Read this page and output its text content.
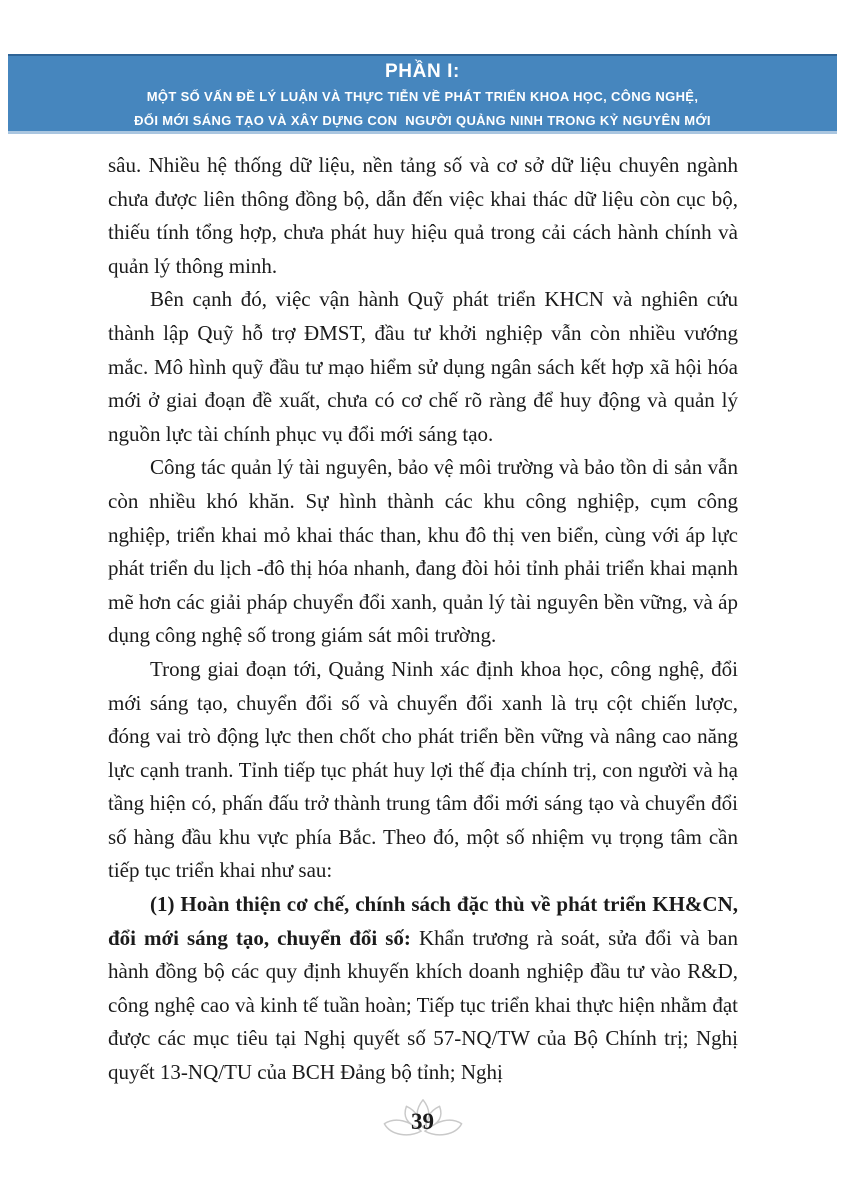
PHẦN I:
MỘT SỐ VẤN ĐỀ LÝ LUẬN VÀ THỰC TIỄN VỀ PHÁT TRIỂN KHOA HỌC, CÔNG NGHỆ,
ĐỔI MỚI SÁNG TẠO VÀ XÂY DỰNG CON  NGƯỜI QUẢNG NINH TRONG KỶ NGUYÊN MỚI

sâu. Nhiều hệ thống dữ liệu, nền tảng số và cơ sở dữ liệu chuyên ngành chưa được liên thông đồng bộ, dẫn đến việc khai thác dữ liệu còn cục bộ, thiếu tính tổng hợp, chưa phát huy hiệu quả trong cải cách hành chính và quản lý thông minh.

Bên cạnh đó, việc vận hành Quỹ phát triển KHCN và nghiên cứu thành lập Quỹ hỗ trợ ĐMST, đầu tư khởi nghiệp vẫn còn nhiều vướng mắc. Mô hình quỹ đầu tư mạo hiểm sử dụng ngân sách kết hợp xã hội hóa mới ở giai đoạn đề xuất, chưa có cơ chế rõ ràng để huy động và quản lý nguồn lực tài chính phục vụ đổi mới sáng tạo.

Công tác quản lý tài nguyên, bảo vệ môi trường và bảo tồn di sản vẫn còn nhiều khó khăn. Sự hình thành các khu công nghiệp, cụm công nghiệp, triển khai mỏ khai thác than, khu đô thị ven biển, cùng với áp lực phát triển du lịch -đô thị hóa nhanh, đang đòi hỏi tỉnh phải triển khai mạnh mẽ hơn các giải pháp chuyển đổi xanh, quản lý tài nguyên bền vững, và áp dụng công nghệ số trong giám sát môi trường.

Trong giai đoạn tới, Quảng Ninh xác định khoa học, công nghệ, đổi mới sáng tạo, chuyển đổi số và chuyển đổi xanh là trụ cột chiến lược, đóng vai trò động lực then chốt cho phát triển bền vững và nâng cao năng lực cạnh tranh. Tỉnh tiếp tục phát huy lợi thế địa chính trị, con người và hạ tầng hiện có, phấn đấu trở thành trung tâm đổi mới sáng tạo và chuyển đổi số hàng đầu khu vực phía Bắc. Theo đó, một số nhiệm vụ trọng tâm cần tiếp tục triển khai như sau:

(1) Hoàn thiện cơ chế, chính sách đặc thù về phát triển KH&CN, đổi mới sáng tạo, chuyển đổi số: Khẩn trương rà soát, sửa đổi và ban hành đồng bộ các quy định khuyến khích doanh nghiệp đầu tư vào R&D, công nghệ cao và kinh tế tuần hoàn; Tiếp tục triển khai thực hiện nhằm đạt được các mục tiêu tại Nghị quyết số 57-NQ/TW của Bộ Chính trị; Nghị quyết 13-NQ/TU của BCH Đảng bộ tỉnh; Nghị

39
